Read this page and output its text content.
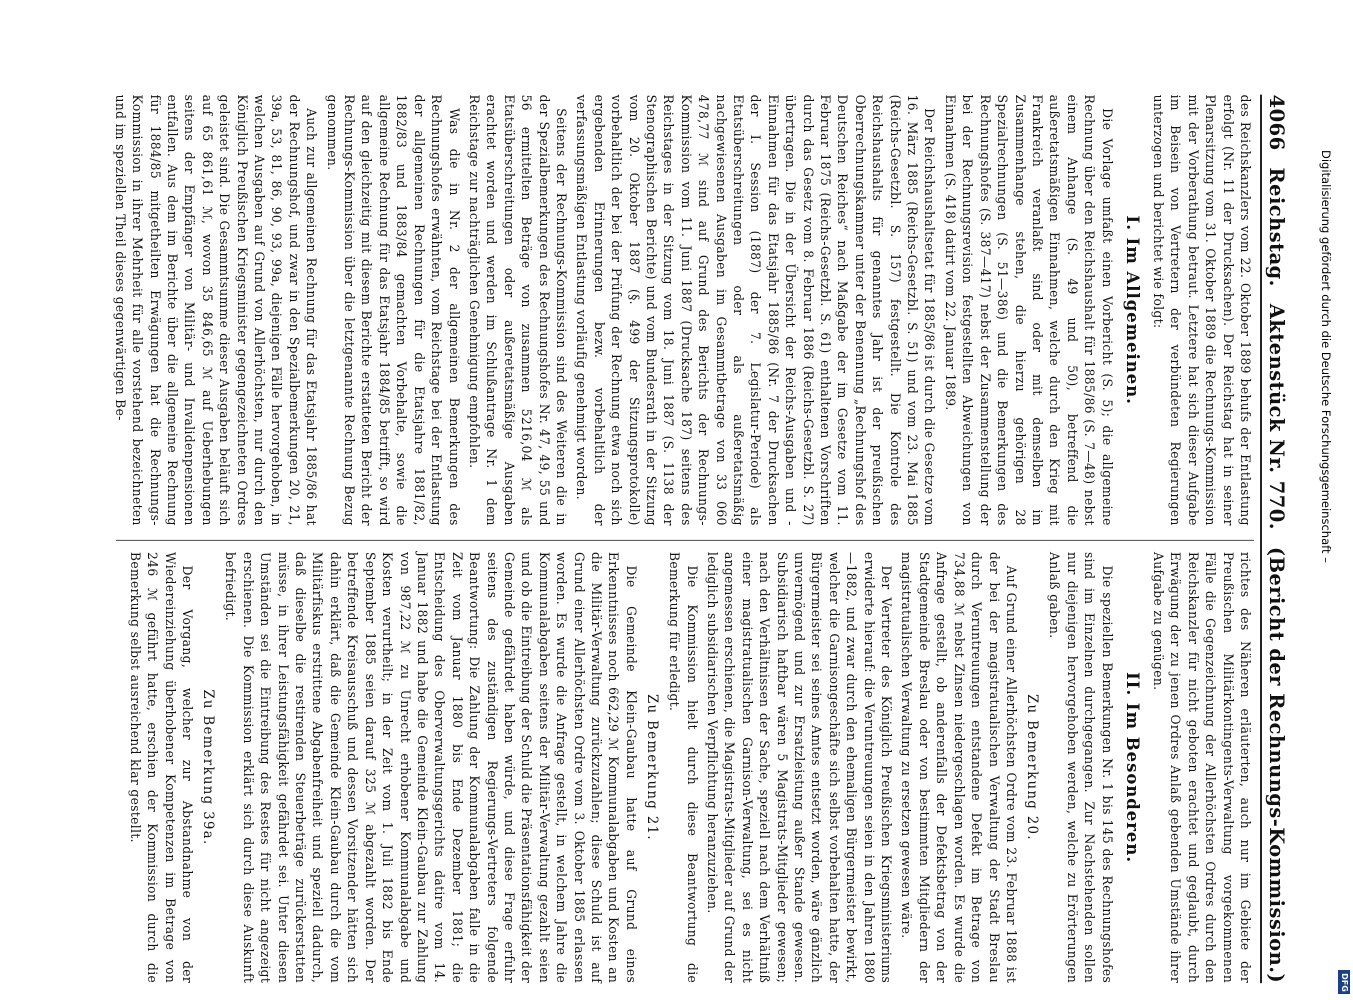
4066
Reichstag.
Aktenstück Nr. 770.
(Bericht der Rechnungs-Kommission.)

des Reichskanzlers vom 22. Oktober 1889 behufs der Entlastung erfolgt (Nr. 11 der Drucksachen). Der Reichstag hat in seiner Plenarsitzung vom 31. Oktober 1889 die Rechnungs-Kommission mit der Vorberathung betraut. Letztere hat sich dieser Aufgabe im Beisein von Vertretern der verbündeten Regierungen unterzogen und berichtet wie folgt:

I. Im Allgemeinen.

Die Vorlage umfaßt einen Vorbericht (S. 5); die allgemeine Rechnung über den Reichshaushalt für 1885/86 (S. 7—48) nebst einem Anhange (S. 49 und 50), betreffend die außeretatsmäßigen Einnahmen, welche durch den Krieg mit Frankreich veranlaßt sind oder mit demselben im Zusammenhange stehen, die hierzu gehörigen 28 Spezialrechnungen (S. 51—386) und die Bemerkungen des Rechnungshofes (S. 387—417) nebst der Zusammenstellung der bei der Rechnungsrevision festgestellten Abweichungen von Einnahmen (S. 418) datirt vom 22. Januar 1889.

Der Reichshaushaltsetat für 1885/86 ist durch die Gesetze vom 16. März 1885 (Reichs-Gesetzbl. S. 51) und vom 23. Mai 1885 (Reichs-Gesetzbl. S. 157) festgestellt. Die Kontrole des Reichshaushalts für genanntes Jahr ist der preußischen Oberrechnungskammer unter der Benennung „Rechnungshof des Deutschen Reiches“ nach Maßgabe der im Gesetze vom 11. Februar 1875 (Reichs-Gesetzbl. S. 61) enthaltenen Vorschriften durch das Gesetz vom 8. Februar 1886 (Reichs-Gesetzbl. S. 27) übertragen. Die in der Übersicht der Reichs-Ausgaben und -Einnahmen für das Etatsjahr 1885/86 (Nr. 7 der Drucksachen der I. Session (1887) der 7. Legislatur-Periode) als Etatsüberschreitungen oder als außeretatsmäßig nachgewiesenen Ausgaben im Gesammtbetrage von 33 060 478,77 ℳ sind auf Grund des Berichts der Rechnungs-Kommission vom 11. Juni 1887 (Drucksache 187) seitens des Reichstages in der Sitzung vom 18. Juni 1887 (S. 1138 der Stenographischen Berichte) und vom Bundesrath in der Sitzung vom 20. Oktober 1887 (§. 499 der Sitzungsprotokolle) vorbehaltlich der bei der Prüfung der Rechnung etwa noch sich ergebenden Erinnerungen bezw. vorbehaltlich der verfassungsmäßigen Entlastung vorläufig genehmigt worden.

Seitens der Rechnungs-Kommission sind des Weiteren die in der Spezialbemerkungen des Rechnungshofes Nr. 47, 49, 55 und 56 ermittelten Beträge von zusammen 5216,04 ℳ als Etatsüberschreitungen oder außeretatsmäßige Ausgaben erachtet worden und werden im Schlußantrage Nr. 1 dem Reichstage zur nachträglichen Genehmigung empfohlen.

Was die in Nr. 2 der allgemeinen Bemerkungen des Rechnungshofes erwähnten, vom Reichstage bei der Entlastung der allgemeinen Rechnungen für die Etatsjahre 1881/82, 1882/83 und 1883/84 gemachten Vorbehalte, sowie die allgemeine Rechnung für das Etatsjahr 1884/85 betrifft, so wird auf den gleichzeitig mit diesem Berichte erstatteten Bericht der Rechnungs-Kommission über die letztgenannte Rechnung Bezug genommen.

Auch zur allgemeinen Rechnung für das Etatsjahr 1885/86 hat der Rechnungshof, und zwar in den Spezialbemerkungen 20, 21, 39a, 53, 81, 86, 90, 93, 99a, diejenigen Fälle hervorgehoben, in welchen Ausgaben auf Grund von Allerhöchsten, nur durch den Königlich Preußischen Kriegsminister gegengezeichneten Ordres geleistet sind. Die Gesammtsumme dieser Ausgaben beläuft sich auf 65 861,61 ℳ, wovon 35 846,65 ℳ auf Ueberhebungen seitens der Empfänger von Militär- und Invalidenpensionen entfallen. Aus dem im Berichte über die allgemeine Rechnung für 1884/85 mitgetheilten Erwägungen hat die Rechnungs-Kommission in ihrer Mehrheit für alle vorstehend bezeichneten und im speziellen Theil dieses gegenwärtigen Be-

richtes des Näheren erläuterten, auch nur im Gebiete der Preußischen Militärkontingents-Verwaltung vorgekommenen Fälle die Gegenzeichnung der Allerhöchsten Ordres durch den Reichskanzler für nicht geboten erachtet und geglaubt, durch Erwägung der zu jenen Ordres Anlaß gebenden Umstände ihrer Aufgabe zu genügen.

II. Im Besonderen.

Die speziellen Bemerkungen Nr. 1 bis 145 des Rechnungshofes sind im Einzelnen durchgegangen. Zur Nachstehenden sollen nur diejenigen hervorgehoben werden, welche zu Erörterungen Anlaß gaben.

Zu Bemerkung 20.

Auf Grund einer Allerhöchsten Ordre vom 23. Februar 1888 ist der bei der magistratualischen Verwaltung der Stadt Breslau durch Veruntreuungen entstandene Defekt im Betrage von 734,88 ℳ nebst Zinsen niedergeschlagen worden. Es wurde die Anfrage gestellt, ob anderenfalls der Defektsbetrag von der Stadtgemeinde Breslau oder von bestimmten Mitgliedern der magistratualischen Verwaltung zu ersetzen gewesen wäre.

Der Vertreter des Königlich Preußischen Kriegsministeriums erwiderte hierauf: die Veruntreuungen seien in den Jahren 1880—1882, und zwar durch den ehemaligen Bürgermeister bewirkt, welcher die Garnisongeschäfte sich selbst vorbehalten hatte, der Bürgermeister sei seines Amtes entsetzt worden, wäre gänzlich unvermögend und zur Ersatzleistung außer Stande gewesen. Subsidiarisch haftbar wären 5 Magistrats-Mitglieder gewesen; nach den Verhältnissen der Sache, speziell nach dem Verhältniß einer magistratualischen Garnison-Verwaltung, sei es nicht angemessen erschienen, die Magistrats-Mitglieder auf Grund der lediglich subsidiarischen Verpflichtung heranzuziehen.

Die Kommission hielt durch diese Beantwortung die Bemerkung für erledigt.

Zu Bemerkung 21.

Die Gemeinde Klein-Gaubau hatte auf Grund eines Erkenntnisses noch 662,29 ℳ Kommunalabgaben und Kosten an die Militär-Verwaltung zurückzuzahlen; diese Schuld ist auf Grund einer Allerhöchsten Ordre vom 3. Oktober 1885 erlassen worden. Es wurde die Anfrage gestellt, in welchem Jahre die Kommunalabgaben seitens der Militär-Verwaltung gezahlt seien und ob die Eintreibung der Schuld die Präsentationsfähigkeit der Gemeinde gefährdet haben würde, und diese Frage erfuhr seitens des zuständigen Regierungs-Vertreters folgende Beantwortung: Die Zahlung der Kommunalabgaben falle in die Zeit vom Januar 1880 bis Ende Dezember 1881; die Entscheidung des Oberverwaltungsgerichts datire vom 14. Januar 1882 und habe die Gemeinde Klein-Gaubau zur Zahlung von 987,22 ℳ zu Unrecht erhobener Kommunalabgabe und Kosten verurtheilt; in der Zeit vom 1. Juli 1882 bis Ende September 1885 seien darauf 325 ℳ abgezahlt worden. Der betreffende Kreisausschuß und dessen Vorsitzender hätten sich dahin erklärt, daß die Gemeinde Klein-Gaubau durch die vom Militärfiskus erstrittene Abgabenfreiheit und speziell dadurch, daß dieselbe die restirenden Steuerbeträge zurückerstatten müsse, in ihrer Leistungsfähigkeit gefährdet sei. Unter diesen Umständen sei die Eintreibung des Restes für nicht angezeigt erschienen. Die Kommission erklärt sich durch diese Auskunft befriedigt.

Zu Bemerkung 39a.

Der Vorgang, welcher zur Abstandnahme von der Wiedereinziehung überhobener Kompetenzen im Betrage von 246 ℳ geführt hatte, erschien der Kommission durch die Bemerkung selbst ausreichend klar gestellt.

Digitalisierung gefördert durch die Deutsche Forschungsgemeinschaft –
DFG
